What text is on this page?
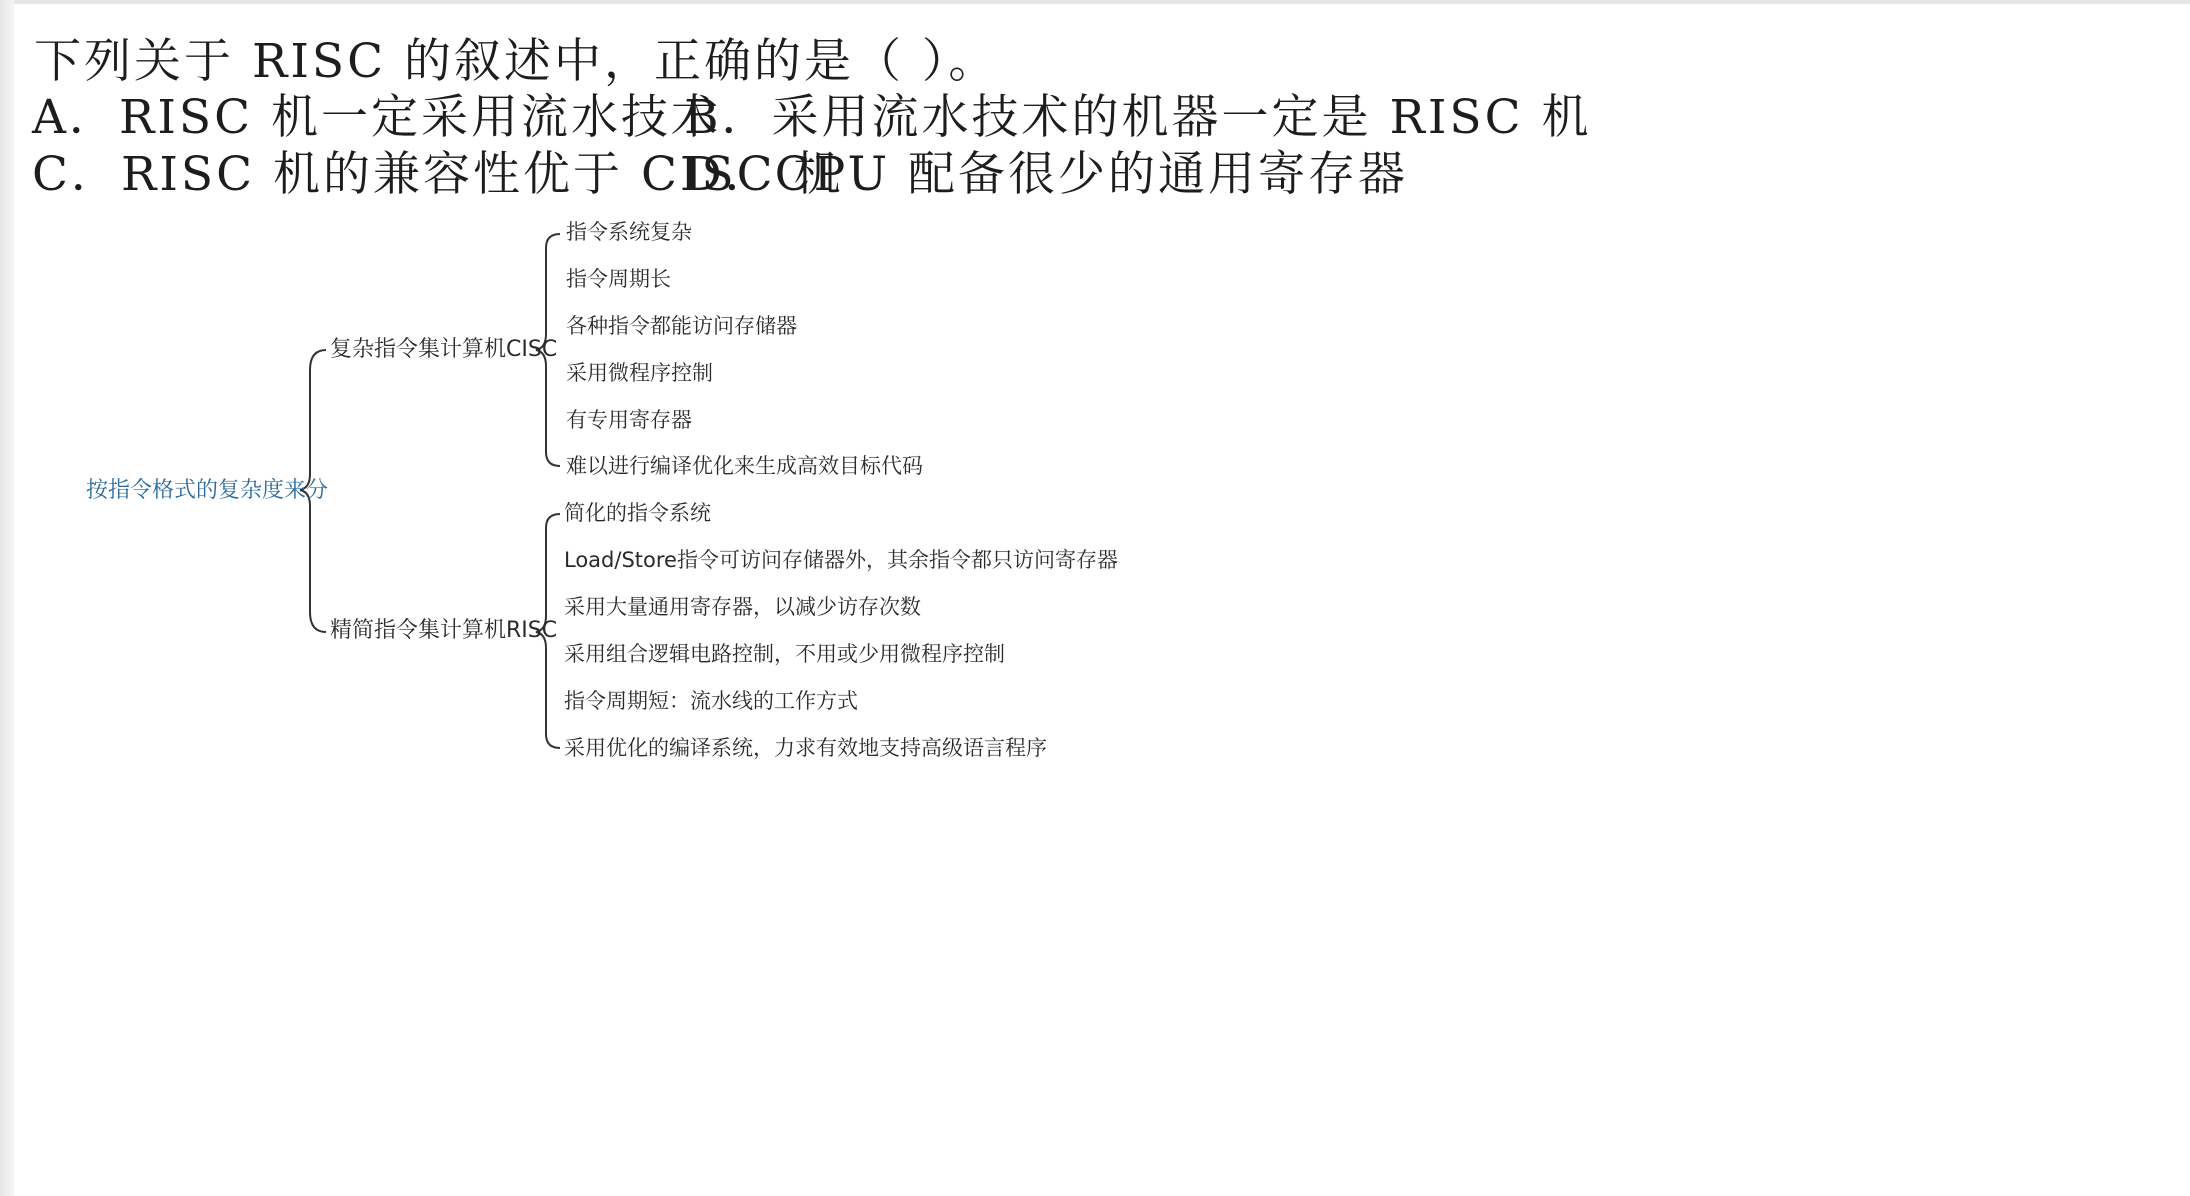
下列关于 RISC 的叙述中，正确的是（ ）。
A．RISC 机一定采用流水技术
B．采用流水技术的机器一定是 RISC 机
C．RISC 机的兼容性优于 CISC 机
D．CPU 配备很少的通用寄存器
按指令格式的复杂度来分
复杂指令集计算机CISC
指令系统复杂
指令周期长
各种指令都能访问存储器
采用微程序控制
有专用寄存器
难以进行编译优化来生成高效目标代码
精简指令集计算机RISC
简化的指令系统
Load/Store指令可访问存储器外，其余指令都只访问寄存器
采用大量通用寄存器，以减少访存次数
采用组合逻辑电路控制，不用或少用微程序控制
指令周期短：流水线的工作方式
采用优化的编译系统，力求有效地支持高级语言程序
